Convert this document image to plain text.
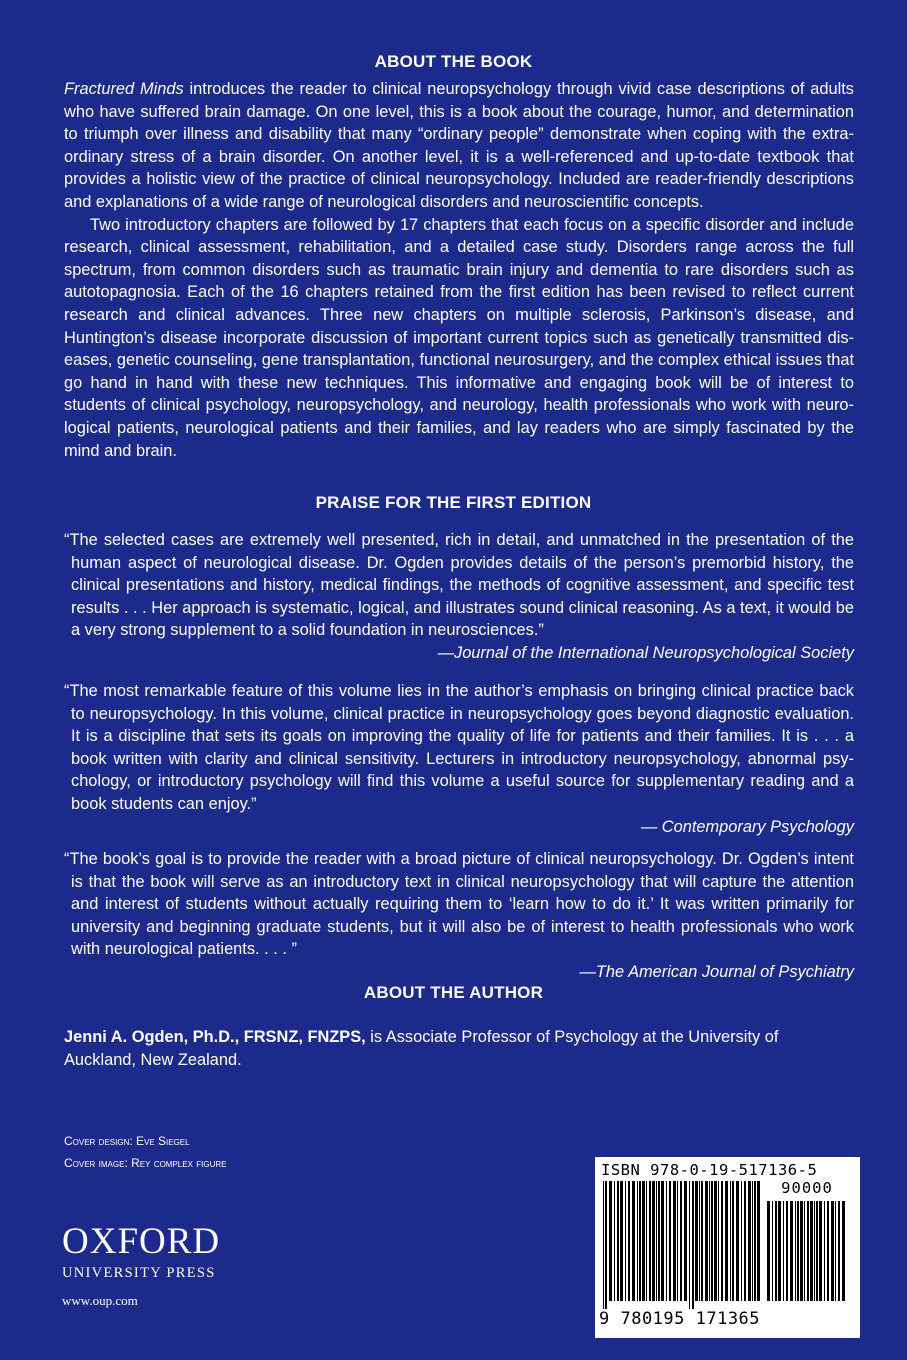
ABOUT THE BOOK

Fractured Minds introduces the reader to clinical neuropsychology through vivid case descriptions of adults who have suffered brain damage. On one level, this is a book about the courage, humor, and determination to triumph over illness and disability that many “ordinary people” demonstrate when coping with the extra-ordinary stress of a brain disorder. On another level, it is a well-referenced and up-to-date textbook that provides a holistic view of the practice of clinical neuropsychology. Included are reader-friendly descriptions and explanations of a wide range of neurological disorders and neuroscientific concepts.

Two introductory chapters are followed by 17 chapters that each focus on a specific disorder and include research, clinical assessment, rehabilitation, and a detailed case study. Disorders range across the full spectrum, from common disorders such as traumatic brain injury and dementia to rare disorders such as autotopagnosia. Each of the 16 chapters retained from the first edition has been revised to reflect current research and clinical advances. Three new chapters on multiple sclerosis, Parkinson’s disease, and Huntington’s disease incorporate discussion of important current topics such as genetically transmitted dis-eases, genetic counseling, gene transplantation, functional neurosurgery, and the complex ethical issues that go hand in hand with these new techniques. This informative and engaging book will be of interest to students of clinical psychology, neuropsychology, and neurology, health professionals who work with neuro-logical patients, neurological patients and their families, and lay readers who are simply fascinated by the mind and brain.

PRAISE FOR THE FIRST EDITION

“The selected cases are extremely well presented, rich in detail, and unmatched in the presentation of the human aspect of neurological disease. Dr. Ogden provides details of the person’s premorbid history, the clinical presentations and history, medical findings, the methods of cognitive assessment, and specific test results . . . Her approach is systematic, logical, and illustrates sound clinical reasoning. As a text, it would be a very strong supplement to a solid foundation in neurosciences.”

—Journal of the International Neuropsychological Society

“The most remarkable feature of this volume lies in the author’s emphasis on bringing clinical practice back to neuropsychology. In this volume, clinical practice in neuropsychology goes beyond diagnostic evaluation. It is a discipline that sets its goals on improving the quality of life for patients and their families. It is . . . a book written with clarity and clinical sensitivity. Lecturers in introductory neuropsychology, abnormal psy-chology, or introductory psychology will find this volume a useful source for supplementary reading and a book students can enjoy.”

— Contemporary Psychology

“The book’s goal is to provide the reader with a broad picture of clinical neuropsychology. Dr. Ogden’s intent is that the book will serve as an introductory text in clinical neuropsychology that will capture the attention and interest of students without actually requiring them to ‘learn how to do it.’ It was written primarily for university and beginning graduate students, but it will also be of interest to health professionals who work with neurological patients. . . . ”

—The American Journal of Psychiatry
ABOUT THE AUTHOR
Jenni A. Ogden, Ph.D., FRSNZ, FNZPS, is Associate Professor of Psychology at the University of Auckland, New Zealand.
Cover design: Eve Siegel
Cover image: Rey complex figure
OXFORD
UNIVERSITY PRESS
www.oup.com
ISBN 978-0-19-517136-5
90000
9 780195 171365
